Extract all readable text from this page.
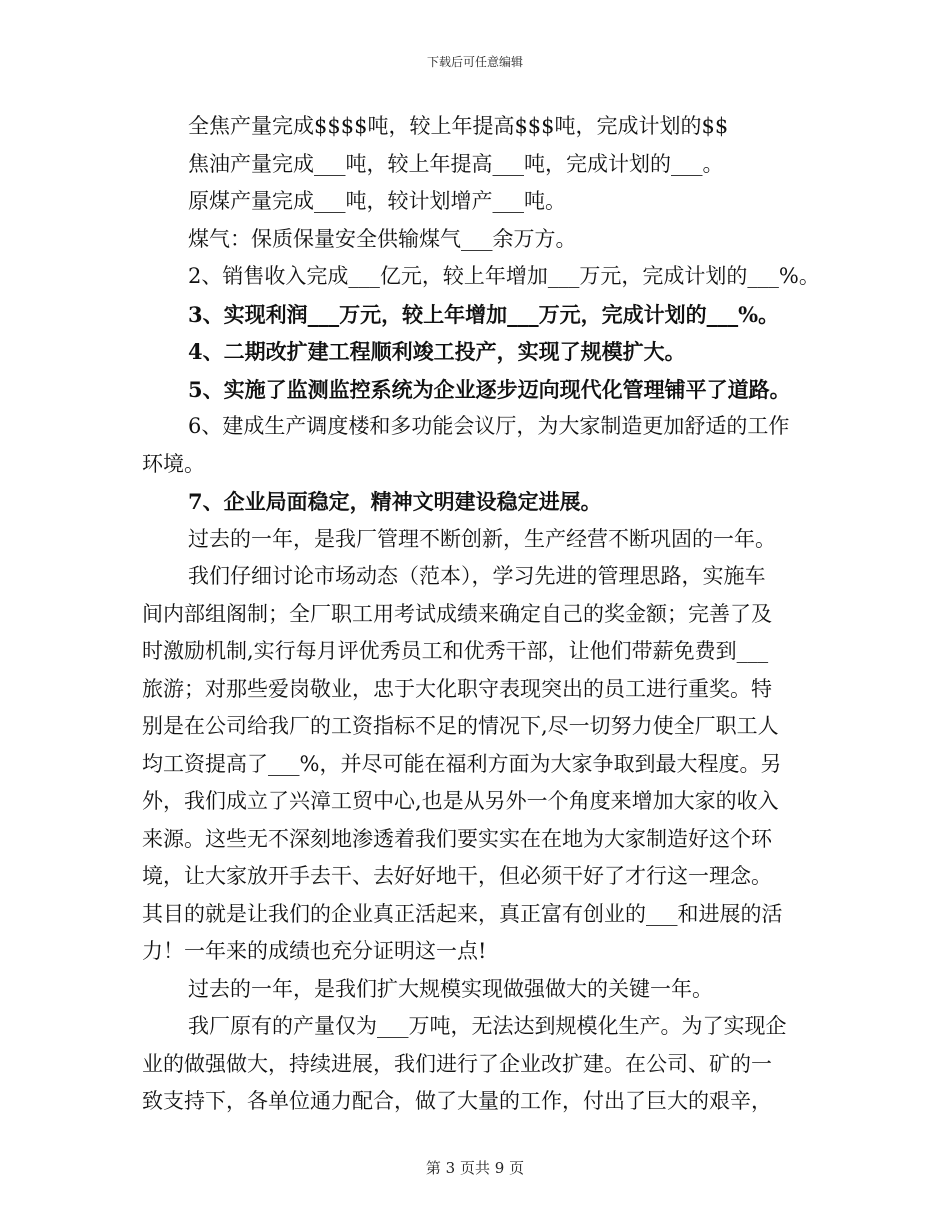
下载后可任意编辑
全焦产量完成$$$$吨，较上年提高$$$吨，完成计划的$$
焦油产量完成___吨，较上年提高___吨，完成计划的___。
原煤产量完成___吨，较计划增产___吨。
煤气：保质保量安全供输煤气___余万方。
2、销售收入完成___亿元，较上年增加___万元，完成计划的___%。
3、实现利润___万元，较上年增加___万元，完成计划的___%。
4、二期改扩建工程顺利竣工投产，实现了规模扩大。
5、实施了监测监控系统为企业逐步迈向现代化管理铺平了道路。
6、建成生产调度楼和多功能会议厅，为大家制造更加舒适的工作
环境。
7、企业局面稳定，精神文明建设稳定进展。
过去的一年，是我厂管理不断创新，生产经营不断巩固的一年。
我们仔细讨论市场动态（范本），学习先进的管理思路，实施车
间内部组阁制；全厂职工用考试成绩来确定自己的奖金额；完善了及
时激励机制,实行每月评优秀员工和优秀干部，让他们带薪免费到___
旅游；对那些爱岗敬业，忠于大化职守表现突出的员工进行重奖。特
别是在公司给我厂的工资指标不足的情况下,尽一切努力使全厂职工人
均工资提高了___%，并尽可能在福利方面为大家争取到最大程度。另
外，我们成立了兴漳工贸中心,也是从另外一个角度来增加大家的收入
来源。这些无不深刻地渗透着我们要实实在在地为大家制造好这个环
境，让大家放开手去干、去好好地干，但必须干好了才行这一理念。
其目的就是让我们的企业真正活起来，真正富有创业的___和进展的活
力！一年来的成绩也充分证明这一点!
过去的一年，是我们扩大规模实现做强做大的关键一年。
我厂原有的产量仅为___万吨，无法达到规模化生产。为了实现企
业的做强做大，持续进展，我们进行了企业改扩建。在公司、矿的一
致支持下，各单位通力配合，做了大量的工作，付出了巨大的艰辛，
第 3 页共 9 页
